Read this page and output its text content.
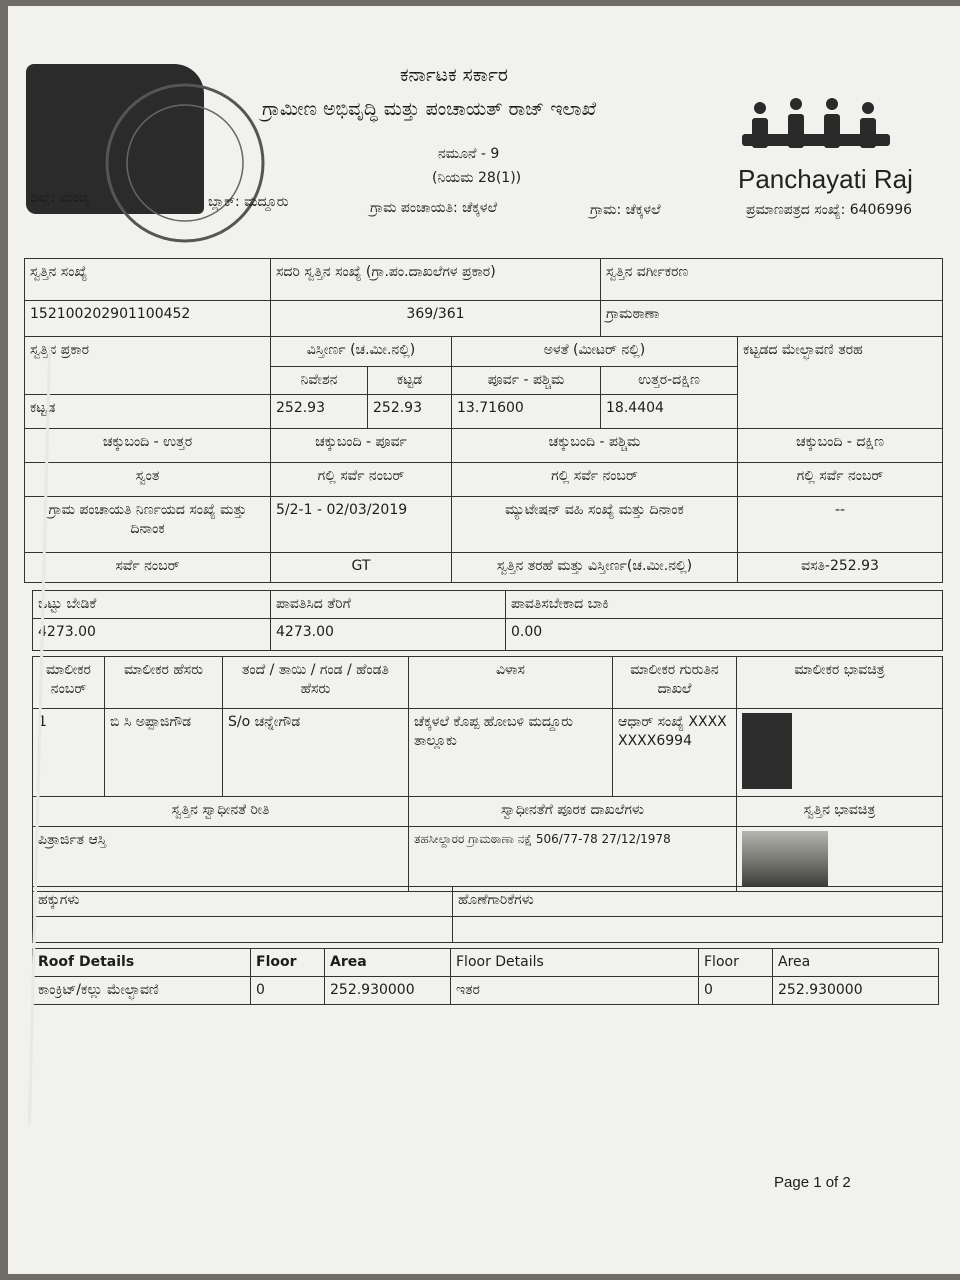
ಕರ್ನಾಟಕ ಸರ್ಕಾರ
ಗ್ರಾಮೀಣ ಅಭಿವೃದ್ಧಿ ಮತ್ತು ಪಂಚಾಯತ್ ರಾಜ್ ಇಲಾಖೆ
ನಮೂನೆ - 9
(ನಿಯಮ 28(1))	Panchayati Raj
ದಿಲ್ಲೆ: ಮಂಡ್ಯ	ಬ್ಲಾಕ್: ಮದ್ದೂರು	ಗ್ರಾಮ ಪಂಚಾಯತಿ: ಚೆಕ್ಕಳಲೆ	ಗ್ರಾಮ: ಚೆಕ್ಕಳಲೆ	ಪ್ರಮಾಣಪತ್ರದ ಸಂಖ್ಯೆ: 6406996
ಸ್ವತ್ತಿನ ಸಂಖ್ಯೆ	ಸದರಿ ಸ್ವತ್ತಿನ ಸಂಖ್ಯೆ (ಗ್ರಾ.ಪಂ.ದಾಖಲೆಗಳ ಪ್ರಕಾರ)			ಸ್ವತ್ತಿನ ವರ್ಗೀಕರಣ	
152100202901100452	369/361			ಗ್ರಾಮಠಾಣಾ	
ಸ್ವತ್ತಿನ ಪ್ರಕಾರ	ವಿಸ್ತೀರ್ಣ (ಚ.ಮೀ.ನಲ್ಲಿ)		ಅಳತೆ (ಮೀಟರ್ ನಲ್ಲಿ)		ಕಟ್ಟಡದ ಮೇಲ್ಛಾವಣಿ ತರಹ
	ನಿವೇಶನ	ಕಟ್ಟಡ	ಪೂರ್ವ - ಪಶ್ಚಿಮ	ಉತ್ತರ-ದಕ್ಷಿಣ	
ಕಟ್ಟಡ	252.93	252.93	13.71600	18.4404	
ಚಕ್ಕುಬಂದಿ - ಉತ್ತರ	ಚಕ್ಕುಬಂದಿ - ಪೂರ್ವ		ಚಕ್ಕುಬಂದಿ - ಪಶ್ಚಿಮ		ಚಕ್ಕುಬಂದಿ - ದಕ್ಷಿಣ
ಸ್ವಂತ	ಗಲ್ಲಿ ಸರ್ವೆ ನಂಬರ್		ಗಲ್ಲಿ ಸರ್ವೆ ನಂಬರ್		ಗಲ್ಲಿ ಸರ್ವೆ ನಂಬರ್
ಗ್ರಾಮ ಪಂಚಾಯತಿ ನಿರ್ಣಯದ ಸಂಖ್ಯೆ ಮತ್ತು ದಿನಾಂಕ	5/2-1 - 02/03/2019		ಮ್ಯುಟೇಷನ್ ವಹಿ ಸಂಖ್ಯೆ ಮತ್ತು ದಿನಾಂಕ		--
ಸರ್ವೆ ನಂಬರ್	GT		ಸ್ವತ್ತಿನ ತರಹೆ ಮತ್ತು ವಿಸ್ತೀರ್ಣ(ಚ.ಮೀ.ನಲ್ಲಿ)		ವಸತಿ-252.93
ಒಟ್ಟು ಬೇಡಿಕೆ	ಪಾವತಿಸಿದ ತೆರಿಗೆ	ಪಾವತಿಸಬೇಕಾದ ಬಾಕಿ
4273.00	4273.00	0.00
ಮಾಲೀಕರ ನಂಬರ್	ಮಾಲೀಕರ ಹೆಸರು	ತಂದೆ / ತಾಯಿ / ಗಂಡ / ಹೆಂಡತಿ ಹೆಸರು	ವಿಳಾಸ	ಮಾಲೀಕರ ಗುರುತಿನ ದಾಖಲೆ	ಮಾಲೀಕರ ಭಾವಚಿತ್ರ
1	ಬಿ ಸಿ ಅಪ್ಪಾಜಿಗೌಡ	S/o ಚನ್ನೇಗೌಡ	ಚೆಕ್ಕಳಲೆ ಕೊಪ್ಪ ಹೋಬಳಿ ಮದ್ದೂರು ತಾಲ್ಲೂಕು	ಆಧಾರ್ ಸಂಖ್ಯೆ XXXXXXXX6994	

ಸ್ವತ್ತಿನ ಸ್ವಾಧೀನತೆ ರೀತಿ			ಸ್ವಾಧೀನತೆಗೆ ಪೂರಕ ದಾಖಲೆಗಳು		ಸ್ವತ್ತಿನ ಭಾವಚಿತ್ರ
ಪಿತ್ರಾರ್ಜಿತ ಆಸ್ತಿ			ತಹಸೀಲ್ದಾರರ ಗ್ರಾಮಠಾಣಾ ನಕ್ಷೆ 506/77-78 27/12/1978		
ಹಕ್ಕುಗಳು	ಹೊಣೆಗಾರಿಕೆಗಳು

Roof Details	Floor	Area	Floor Details	Floor	Area
ಕಾಂಕ್ರಿಟ್/ಕಲ್ಲು ಮೇಲ್ಛಾವಣಿ	0	252.930000	ಇತರ	0	252.930000
Page 1 of 2
